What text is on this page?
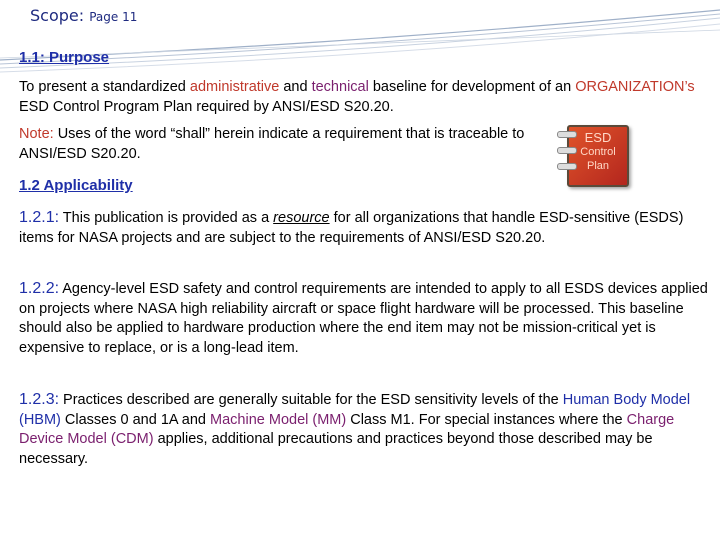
Scope: Page 11
1.1: Purpose
To present a standardized administrative and technical baseline for development of an ORGANIZATION’s ESD Control Program Plan required by ANSI/ESD S20.20.
Note: Uses of the word “shall” herein indicate a requirement that is traceable to ANSI/ESD S20.20.
ESD
Control
Plan
1.2 Applicability
1.2.1: This publication is provided as a resource for all organizations that handle ESD-sensitive (ESDS) items for NASA projects and are subject to the requirements of ANSI/ESD S20.20.
1.2.2: Agency-level ESD safety and control requirements are intended to apply to all ESDS devices applied on projects where NASA high reliability aircraft or space flight hardware will be processed. This baseline should also be applied to hardware production where the end item may not be mission-critical yet is expensive to replace, or is a long-lead item.
1.2.3: Practices described are generally suitable for the ESD sensitivity levels of the Human Body Model (HBM) Classes 0 and 1A and Machine Model (MM) Class M1. For special instances where the Charge Device Model (CDM) applies, additional precautions and practices beyond those described may be necessary.
